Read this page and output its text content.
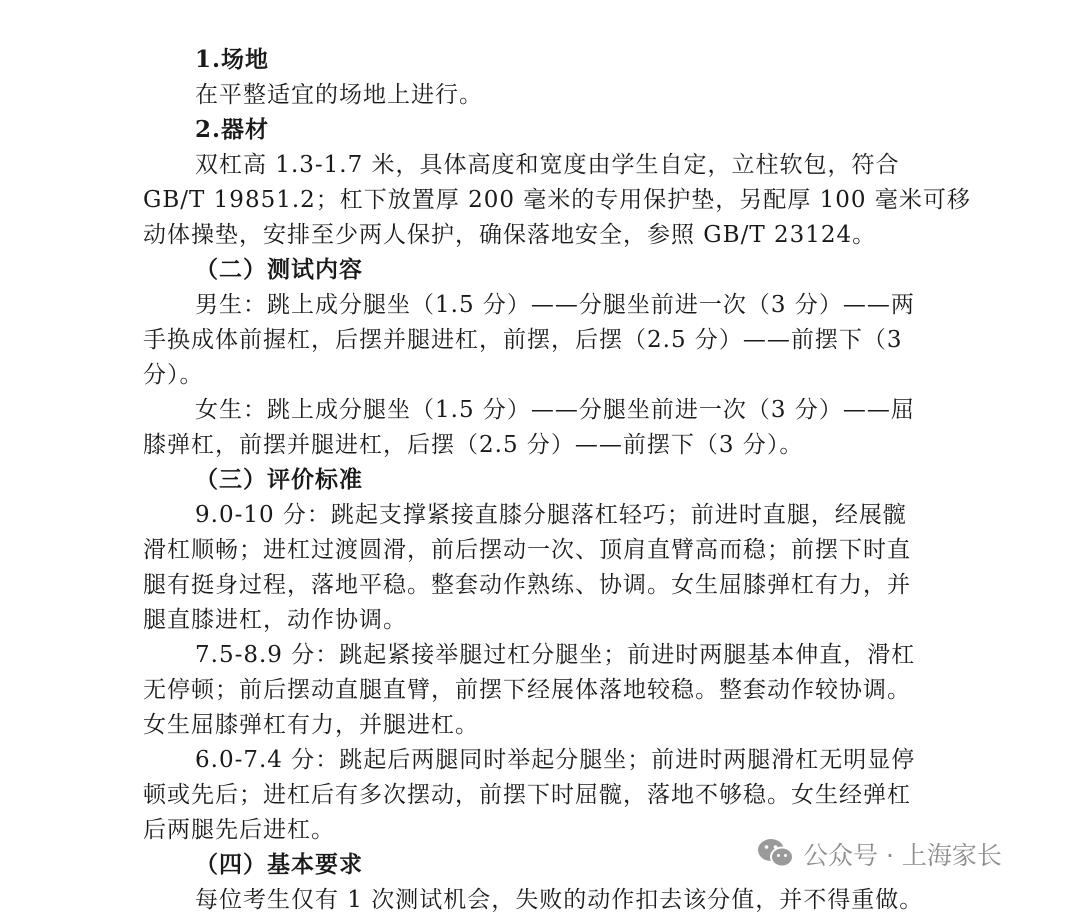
1.场地
在平整适宜的场地上进行。
2.器材
双杠高 1.3-1.7 米，具体高度和宽度由学生自定，立柱软包，符合
GB/T 19851.2；杠下放置厚 200 毫米的专用保护垫，另配厚 100 毫米可移
动体操垫，安排至少两人保护，确保落地安全，参照 GB/T 23124。
（二）测试内容
男生：跳上成分腿坐（1.5 分）——分腿坐前进一次（3 分）——两
手换成体前握杠，后摆并腿进杠，前摆，后摆（2.5 分）——前摆下（3
分）。
女生：跳上成分腿坐（1.5 分）——分腿坐前进一次（3 分）——屈
膝弹杠，前摆并腿进杠，后摆（2.5 分）——前摆下（3 分）。
（三）评价标准
9.0-10 分：跳起支撑紧接直膝分腿落杠轻巧；前进时直腿，经展髋
滑杠顺畅；进杠过渡圆滑，前后摆动一次、顶肩直臂高而稳；前摆下时直
腿有挺身过程，落地平稳。整套动作熟练、协调。女生屈膝弹杠有力，并
腿直膝进杠，动作协调。
7.5-8.9 分：跳起紧接举腿过杠分腿坐；前进时两腿基本伸直，滑杠
无停顿；前后摆动直腿直臂，前摆下经展体落地较稳。整套动作较协调。
女生屈膝弹杠有力，并腿进杠。
6.0-7.4 分：跳起后两腿同时举起分腿坐；前进时两腿滑杠无明显停
顿或先后；进杠后有多次摆动，前摆下时屈髋，落地不够稳。女生经弹杠
后两腿先后进杠。
（四）基本要求
每位考生仅有 1 次测试机会，失败的动作扣去该分值，并不得重做。
公众号 · 上海家长
